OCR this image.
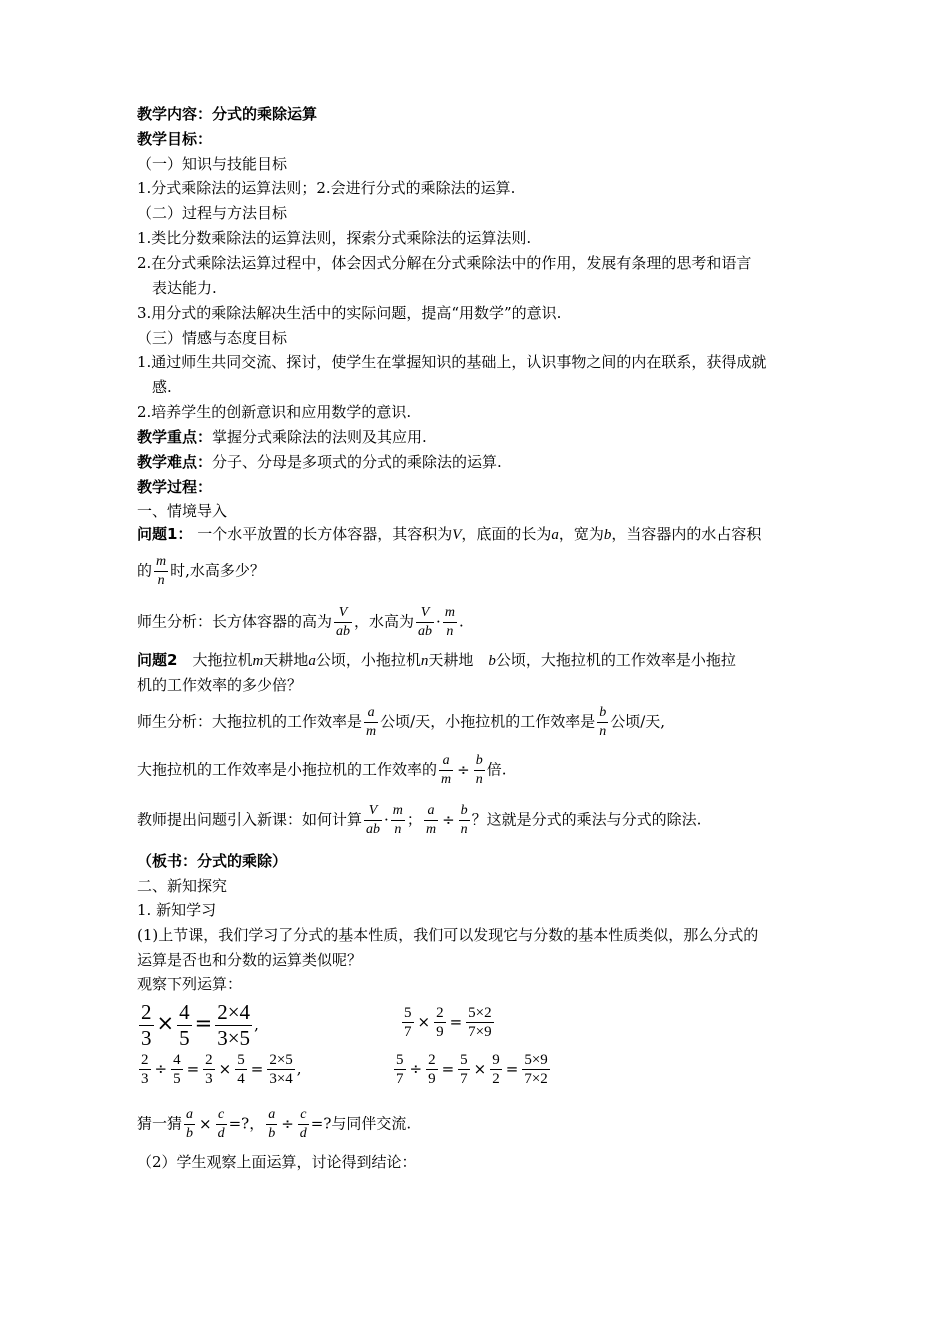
教学内容：分式的乘除运算
教学目标：
（一）知识与技能目标
1.分式乘除法的运算法则；2.会进行分式的乘除法的运算.
（二）过程与方法目标
1.类比分数乘除法的运算法则，探索分式乘除法的运算法则.
2.在分式乘除法运算过程中，体会因式分解在分式乘除法中的作用，发展有条理的思考和语言
表达能力.
3.用分式的乘除法解决生活中的实际问题，提高“用数学”的意识.
（三）情感与态度目标
1.通过师生共同交流、探讨，使学生在掌握知识的基础上，认识事物之间的内在联系，获得成就
感.
2.培养学生的创新意识和应用数学的意识.
教学重点：掌握分式乘除法的法则及其应用.
教学难点：分子、分母是多项式的分式的乘除法的运算.
教学过程：
一、情境导入
问题1： 一个水平放置的长方体容器，其容积为V，底面的长为a，宽为b，当容器内的水占容积
的 $\frac{m}{n}$ 时,水高多少？
师生分析：长方体容器的高为 $\frac{V}{ab}$ ，水高为 $\frac{V}{ab} \cdot \frac{m}{n}$ .
问题2　大拖拉机m天耕地a公顷，小拖拉机n天耕地　b公顷，大拖拉机的工作效率是小拖拉
机的工作效率的多少倍？
师生分析：大拖拉机的工作效率是 $\frac{a}{m}$ 公顷/天，小拖拉机的工作效率是 $\frac{b}{n}$ 公顷/天,
大拖拉机的工作效率是小拖拉机的工作效率的 $\frac{a}{m} \div \frac{b}{n}$ 倍.
教师提出问题引入新课：如何计算 $\frac{V}{ab} \cdot \frac{m}{n}$ ； $\frac{a}{m} \div \frac{b}{n}$ ？这就是分式的乘法与分式的除法.
（板书：分式的乘除）
二、新知探究
1. 新知学习
(1)上节课，我们学习了分式的基本性质，我们可以发现它与分数的基本性质类似，那么分式的
运算是否也和分数的运算类似呢？
观察下列运算：
$\frac{2}{3} \times \frac{4}{5} = \frac{2\times 4}{3\times 5}$ ,	$\frac{5}{7} \times \frac{2}{9} = \frac{5\times 2}{7\times 9}$
$\frac{2}{3} \div \frac{4}{5} = \frac{2}{3} \times \frac{5}{4} = \frac{2\times 5}{3\times 4}$ ,	$\frac{5}{7} \div \frac{2}{9} = \frac{5}{7} \times \frac{9}{2} = \frac{5\times 9}{7\times 2}$
猜一猜 $\frac{a}{b} \times \frac{c}{d}$ =?， $\frac{a}{b} \div \frac{c}{d}$ =?与同伴交流.
（2）学生观察上面运算，讨论得到结论：
